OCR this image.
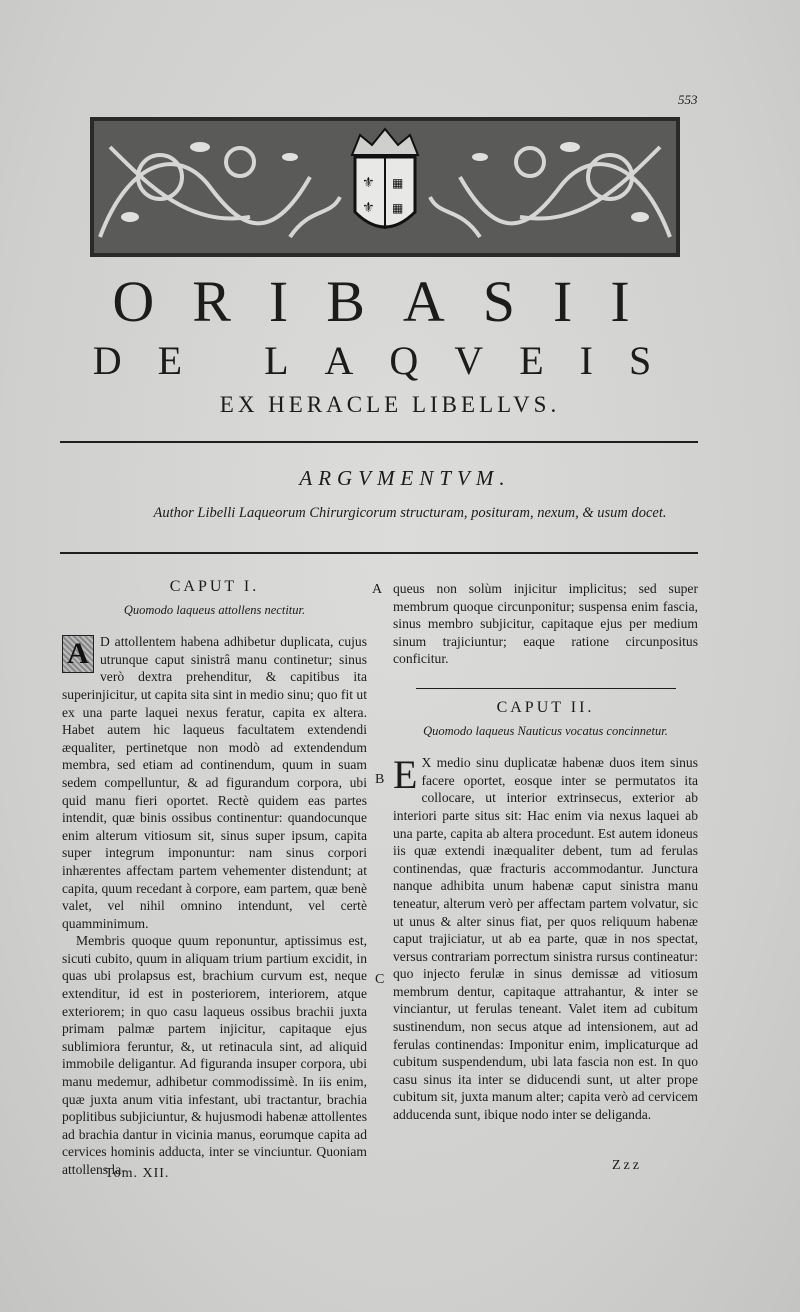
553
⚜
⚜
▦
▦
ORIBASII
DE LAQVEIS
EX HERACLE LIBELLVS.
ARGVMENTVM.
Author Libelli Laqueorum Chirurgicorum structuram, posituram, nexum, & usum docet.
CAPUT I.
Quomodo laqueus attollens nectitur.

A D attollentem habena adhibetur duplicata, cujus utrunque caput sinistrâ manu continetur; sinus verò dextra prehenditur, & capitibus ita superinjicitur, ut capita sita sint in medio sinu; quo fit ut ex una parte laquei nexus feratur, capita ex altera. Habet autem hic laqueus facultatem extendendi æqualiter, pertinetque non modò ad extendendum membra, sed etiam ad continendum, quum in suam sedem compelluntur, & ad figurandum corpora, ubi quid manu fieri oportet. Rectè quidem eas partes intendit, quæ binis ossibus continentur: quandocunque enim alterum vitiosum sit, sinus super ipsum, capita super integrum imponuntur: nam sinus corpori inhærentes affectam partem vehementer distendunt; at capita, quum recedant à corpore, eam partem, quæ benè valet, vel nihil omnino intendunt, vel certè quamminimum.

Membris quoque quum reponuntur, aptissimus est, sicuti cubito, quum in aliquam trium partium excidit, in quas ubi prolapsus est, brachium curvum est, neque extenditur, id est in posteriorem, interiorem, atque exteriorem; in quo casu laqueus ossibus brachii juxta primam palmæ partem injicitur, capitaque ejus sublimiora feruntur, &, ut retinacula sint, ad aliquid immobile deligantur. Ad figuranda insuper corpora, ubi manu medemur, adhibetur commodissimè. In iis enim, quæ juxta anum vitia infestant, ubi tractantur, brachia poplitibus subjiciuntur, & hujusmodi habenæ attollentes ad brachia dantur in vicinia manus, eorumque capita ad cervices hominis adducta, inter se vinciuntur. Quoniam attollens la-

A
B
C

queus non solùm injicitur implicitus; sed super membrum quoque circunponitur; suspensa enim fascia, sinus membro subjicitur, capitaque ejus per medium sinum trajiciuntur; eaque ratione circunpositus conficitur.

CAPUT II.
Quomodo laqueus Nauticus vocatus concinnetur.

E X medio sinu duplicatæ habenæ duos item sinus facere oportet, eosque inter se permutatos ita collocare, ut interior extrinsecus, exterior ab interiori parte situs sit: Hac enim via nexus laquei ab una parte, capita ab altera procedunt. Est autem idoneus iis quæ extendi inæqualiter debent, tum ad ferulas continendas, quæ fracturis accommodantur. Junctura nanque adhibita unum habenæ caput sinistra manu teneatur, alterum verò per affectam partem volvatur, sic ut unus & alter sinus fiat, per quos reliquum habenæ caput trajiciatur, ut ab ea parte, quæ in nos spectat, versus contrariam porrectum sinistra rursus contineatur: quo injecto ferulæ in sinus demissæ ad vitiosum membrum dentur, capitaque attrahantur, & inter se vinciantur, ut ferulas teneant. Valet item ad cubitum sustinendum, non secus atque ad intensionem, aut ad ferulas continendas: Imponitur enim, implicaturque ad cubitum suspendendum, ubi lata fascia non est. In quo casu sinus ita inter se diducendi sunt, ut alter prope cubitum sit, juxta manum alter; capita verò ad cervicem adducenda sunt, ibique nodo inter se deliganda.

Tom. XII.
Zzz
